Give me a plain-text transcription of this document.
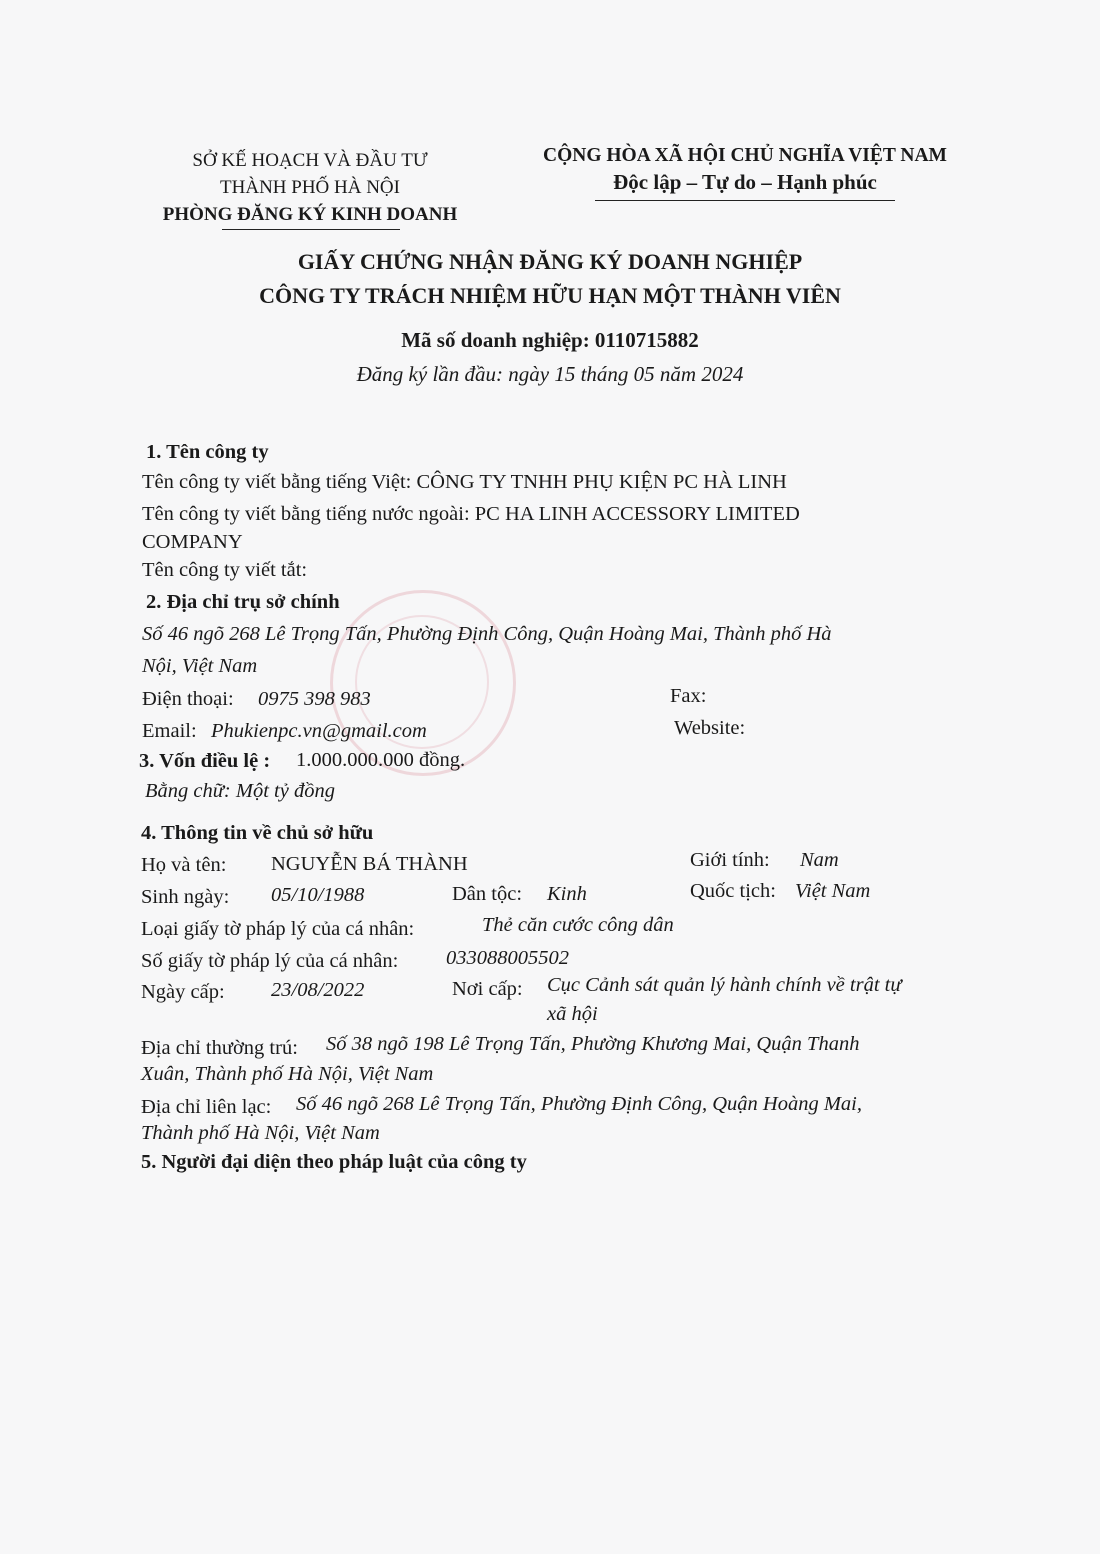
SỞ KẾ HOẠCH VÀ ĐẦU TƯ
THÀNH PHỐ HÀ NỘI
PHÒNG ĐĂNG KÝ KINH DOANH
CỘNG HÒA XÃ HỘI CHỦ NGHĨA VIỆT NAM
Độc lập – Tự do – Hạnh phúc
GIẤY CHỨNG NHẬN ĐĂNG KÝ DOANH NGHIỆP
CÔNG TY TRÁCH NHIỆM HỮU HẠN MỘT THÀNH VIÊN
Mã số doanh nghiệp: 0110715882
Đăng ký lần đầu: ngày 15 tháng 05 năm 2024
1. Tên công ty
Tên công ty viết bằng tiếng Việt: CÔNG TY TNHH PHỤ KIỆN PC HÀ LINH
Tên công ty viết bằng tiếng nước ngoài: PC HA LINH ACCESSORY LIMITED
COMPANY
Tên công ty viết tắt:
2. Địa chỉ trụ sở chính
Số 46 ngõ 268 Lê Trọng Tấn, Phường Định Công, Quận Hoàng Mai, Thành phố Hà
Nội, Việt Nam
Điện thoại: 0975 398 983	Fax:
Email: Phukienpc.vn@gmail.com	Website:
3. Vốn điều lệ : 1.000.000.000 đồng.
Bằng chữ: Một tỷ đồng
4. Thông tin về chủ sở hữu
Họ và tên: NGUYỄN BÁ THÀNH	Giới tính: Nam
Sinh ngày: 05/10/1988	Dân tộc: Kinh	Quốc tịch: Việt Nam
Loại giấy tờ pháp lý của cá nhân:	Thẻ căn cước công dân
Số giấy tờ pháp lý của cá nhân: 033088005502
Ngày cấp: 23/08/2022	Nơi cấp: Cục Cảnh sát quản lý hành chính về trật tự
xã hội
Địa chỉ thường trú: Số 38 ngõ 198 Lê Trọng Tấn, Phường Khương Mai, Quận Thanh
Xuân, Thành phố Hà Nội, Việt Nam
Địa chỉ liên lạc: Số 46 ngõ 268 Lê Trọng Tấn, Phường Định Công, Quận Hoàng Mai,
Thành phố Hà Nội, Việt Nam
5. Người đại diện theo pháp luật của công ty
